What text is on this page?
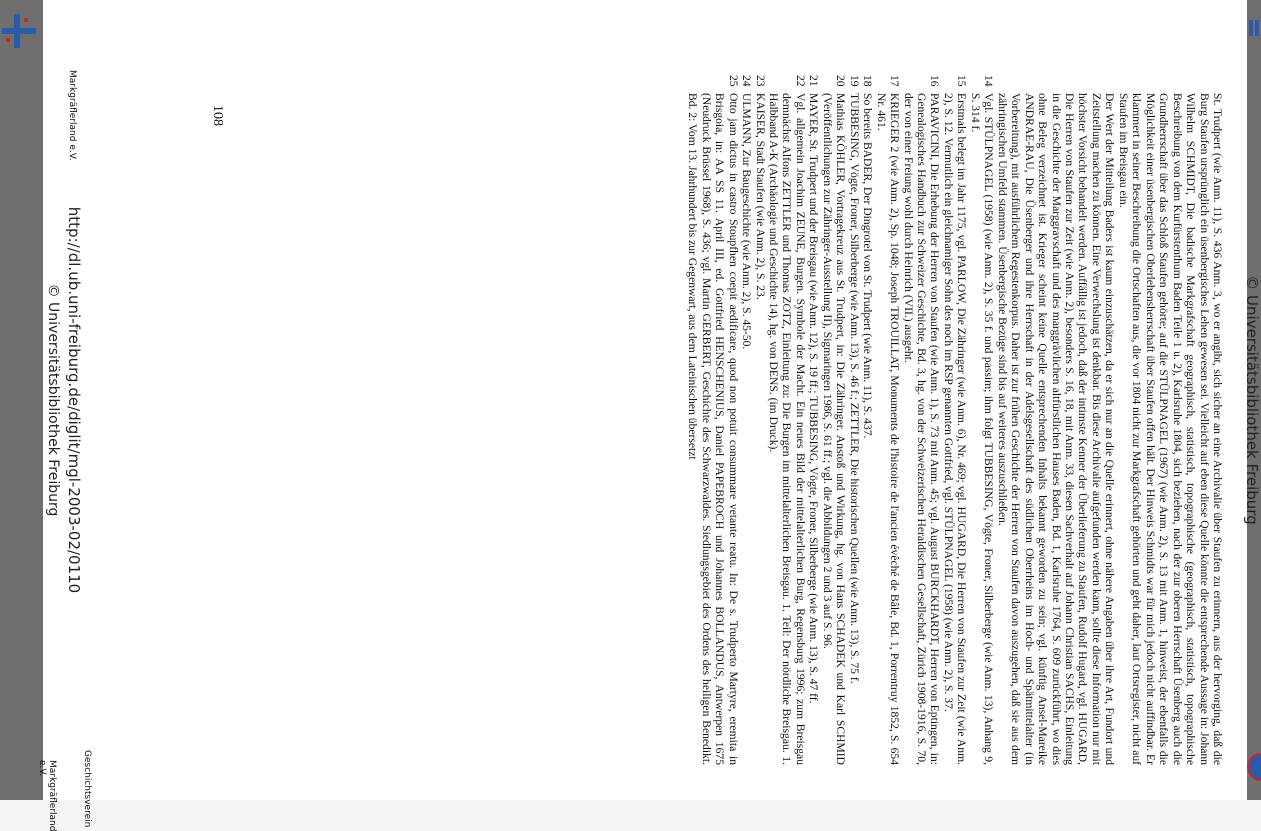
© Universitätsbibliothek Freiburg

St. Trudpert (wie Anm. 11), S. 436 Anm. 3, wo er angibt, sich sicher an eine Archivalie über Staufen zu erinnern, aus der hervorging, daß die Burg Staufen ursprünglich ein üsenbergisches Lehen gewesen sei. Vielleicht auf eben diese Quelle könnte die entsprechende Aussage in: Johann Wilhelm SCHMIDT, Die badische Markgrafschaft geographisch, statistisch, topographische (geographisch, statistisch, topographische Beschreibung von dem Kurfürstenthum Baden Teile 1 u. 2), Karlsruhe 1804, sich beziehen, nach der zur oberen Herrschaft Üsenberg auch die Grundherrschaft über das Schloß Staufen gehörte; auf die STÜLPNAGEL (1967) (wie Anm. 2), S. 13 mit Anm. 1, hinweist, der ebenfalls die Möglichkeit einer üsenbergischen Oberlehensherrschaft über Staufen offen hält. Der Hinweis Schmidts war für mich jedoch nicht auffindbar. Er klammert in seiner Beschreibung die Ortschaften aus, die vor 1804 nicht zur Markgrafschaft gehörten und geht daher, laut Ortsregister, nicht auf Staufen im Breisgau ein.

Der Wert der Mitteilung Baders ist kaum einzuschätzen, da er sich nur an die Quelle erinnert, ohne nähere Angaben über ihre Art, Fundort und Zeitstellung machen zu können. Eine Verwechslung ist denkbar. Bis diese Archivalie aufgefunden werden kann, sollte diese Information nur mit höchster Vorsicht behandelt werden. Auffällig ist jedoch, daß der intimste Kenner der Überlieferung zu Staufen, Rudolf Hugard, vgl. HUGARD, Die Herren von Staufen zur Zeit (wie Anm. 2), besonders S. 16, 18, mit Anm. 33, diesen Sachverhalt auf Johann Christian SACHS, Einleitung in die Geschichte der Marggravschaft und des marggrävlichen altfürstlichen Hauses Baden, Bd. 1, Karlsruhe 1764, S. 609 zurückführt, wo dies ohne Beleg verzeichnet ist. Krieger scheint keine Quelle entsprechenden Inhalts bekannt geworden zu sein; vgl. künftig Ansel-Mareike ANDRAE-RAU, Die Üsenberger und ihre Herrschaft in der Adelsgesellschaft des südlichen Oberrheins im Hoch- und Spätmittelalter (in Vorbereitung), mit ausführlichem Regestenkorpus. Daher ist zur frühen Geschichte der Herren von Staufen davon auszugehen, daß sie aus dem zähringischen Umfeld stammen. Üsenbergische Bezüge sind bis auf weiteres auszuschließen.

14
Vgl. STÜLPNAGEL (1958) (wie Anm. 2), S. 35 f. und passim; ihm folgt TUBBESING, Vögte, Froner, Silberberge (wie Anm. 13), Anhang 9, S. 314 f.
15
Erstmals belegt im Jahr 1175, vgl. PARLOW, Die Zähringer (wie Anm. 6), Nr. 469; vgl. HUGARD, Die Herren von Staufen zur Zeit (wie Anm. 2), S. 12. Vermutlich ein gleichnamiger Sohn des noch im RSP genannten Gottfried, vgl. STÜLPNAGEL (1958) (wie Anm. 2), S. 37.
16
PARAVICINI, Die Erhebung der Herren von Staufen (wie Anm. 1), S. 73 mit Anm. 45; vgl. August BURCKHARDT, Herren von Eptingen, in: Genealogisches Handbuch zur Schweizer Geschichte, Bd. 3, hg. von der Schweizerischen Heraldischen Gesellschaft, Zürich 1908-1916, S. 70, der von einer Freiung wohl durch Heinrich (VII.) ausgeht.
17
KRIEGER 2 (wie Anm. 2), Sp. 1048; Joseph TROUILLAT, Monuments de l'histoire de l'ancien évêché de Bâle, Bd. 1, Porrentruy 1852, S. 654 Nr. 461.
18
So bereits BADER, Der Dingrotel von St. Trudpert (wie Anm. 11), S. 437.
19
TUBBESING, Vögte, Froner, Silberberge (wie Anm. 13), S. 46 f.; ZETTLER, Die historischen Quellen (wie Anm. 13), S. 75 f.
20
Mathias KÖHLER, Vortragekreuz aus St. Trudpert, in: Die Zähringer. Anstoß und Wirkung, hg. von Hans SCHADEK und Karl SCHMID (Veröffentlichungen zur Zähringer-Ausstellung II), Sigmaringen 1986, S. 61 ff.; vgl. die Abbildungen 2 und 3 auf S. 96.
21
MAYER, St. Trudpert und der Breisgau (wie Anm. 12), S. 19 ff.; TUBBESING, Vögte, Froner, Silberberge (wie Anm. 13), S. 47 ff.
22
Vgl. allgemein Joachim ZEUNE, Burgen. Symbole der Macht. Ein neues Bild der mittelalterlichen Burg, Regensburg 1996; zum Breisgau demnächst Alfons ZETTLER und Thomas ZOTZ, Einleitung zu: Die Burgen im mittelalterlichen Breisgau. 1. Teil: Der nördliche Breisgau. 1. Halbband A-K (Archäologie und Geschichte 14), hg. von DENS. (im Druck).
23
KAISER, Stadt Staufen (wie Anm. 2), S. 23.
24
ULMANN, Zur Baugeschichte (wie Anm. 2), S. 45-50.
25
Otto jam dictus in castro Stoupfhen coepit aedificare, quod non potuit consummare vetante reatu. In: De s. Trudperto Martyre, eremita in Brisgoia, in: AA SS 11. April III, ed. Gottfried HENSCHENIUS, Daniel PAPEBROCH und Johannes BOLLANDUS, Antwerpen 1675 (Neudruck Brüssel 1968), S. 436; vgl. Martin GERBERT, Geschichte des Schwarzwaldes. Siedlungsgebiet des Ordens des heiligen Benedikt. Bd. 2: Vom 13. Jahrhundert bis zur Gegenwart, aus dem Lateinischen übersetzt
108
http://dl.ub.uni-freiburg.de/diglit/mgl-2003-02/0110
© Universitätsbibliothek Freiburg
Geschichtsverein
Markgräflerland e.V.
Markgräflerland e.V.
